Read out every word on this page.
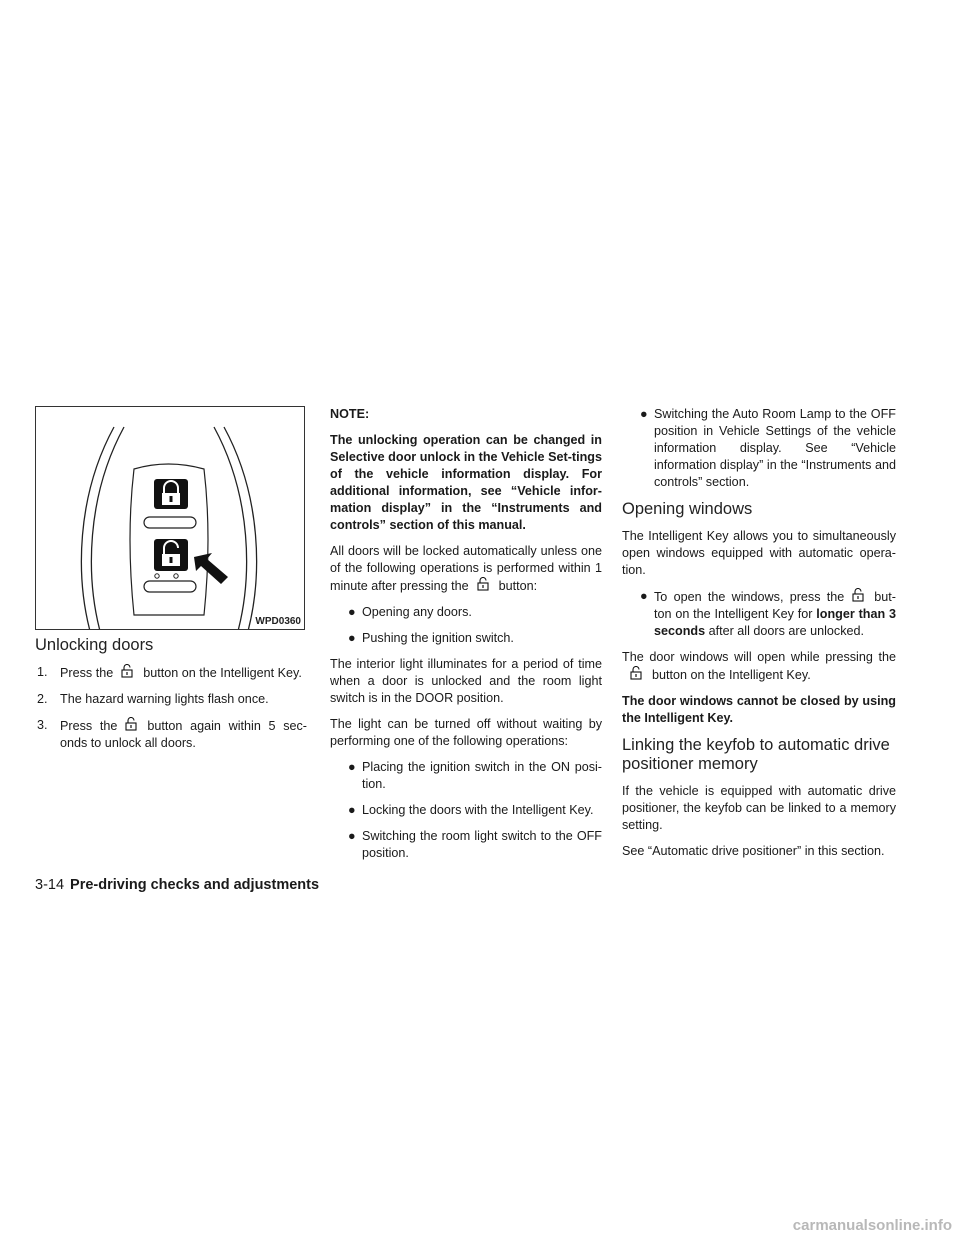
WPD0360
Unlocking doors
1. Press the button on the Intelligent Key.
2. The hazard warning lights flash once.
3. Press the button again within 5 sec-onds to unlock all doors.

NOTE:

The unlocking operation can be changed in Selective door unlock in the Vehicle Set-tings of the vehicle information display. For additional information, see “Vehicle infor-mation display” in the “Instruments and controls” section of this manual.

All doors will be locked automatically unless one of the following operations is performed within 1 minute after pressing the button:

● Opening any doors.
● Pushing the ignition switch.

The interior light illuminates for a period of time when a door is unlocked and the room light switch is in the DOOR position.

The light can be turned off without waiting by performing one of the following operations:

● Placing the ignition switch in the ON posi-tion.
● Locking the doors with the Intelligent Key.
● Switching the room light switch to the OFF position.
● Switching the Auto Room Lamp to the OFF position in Vehicle Settings of the vehicle information display. See “Vehicle information display” in the “Instruments and controls” section.
Opening windows

The Intelligent Key allows you to simultaneously open windows equipped with automatic opera-tion.

● To open the windows, press the but-ton on the Intelligent Key for longer than 3 seconds after all doors are unlocked.

The door windows will open while pressing thebutton on the Intelligent Key.

The door windows cannot be closed by using the Intelligent Key.

Linking the keyfob to automatic drive positioner memory

If the vehicle is equipped with automatic drive positioner, the keyfob can be linked to a memory setting.

See “Automatic drive positioner” in this section.

3-14 Pre-driving checks and adjustments
carmanualsonline.info
